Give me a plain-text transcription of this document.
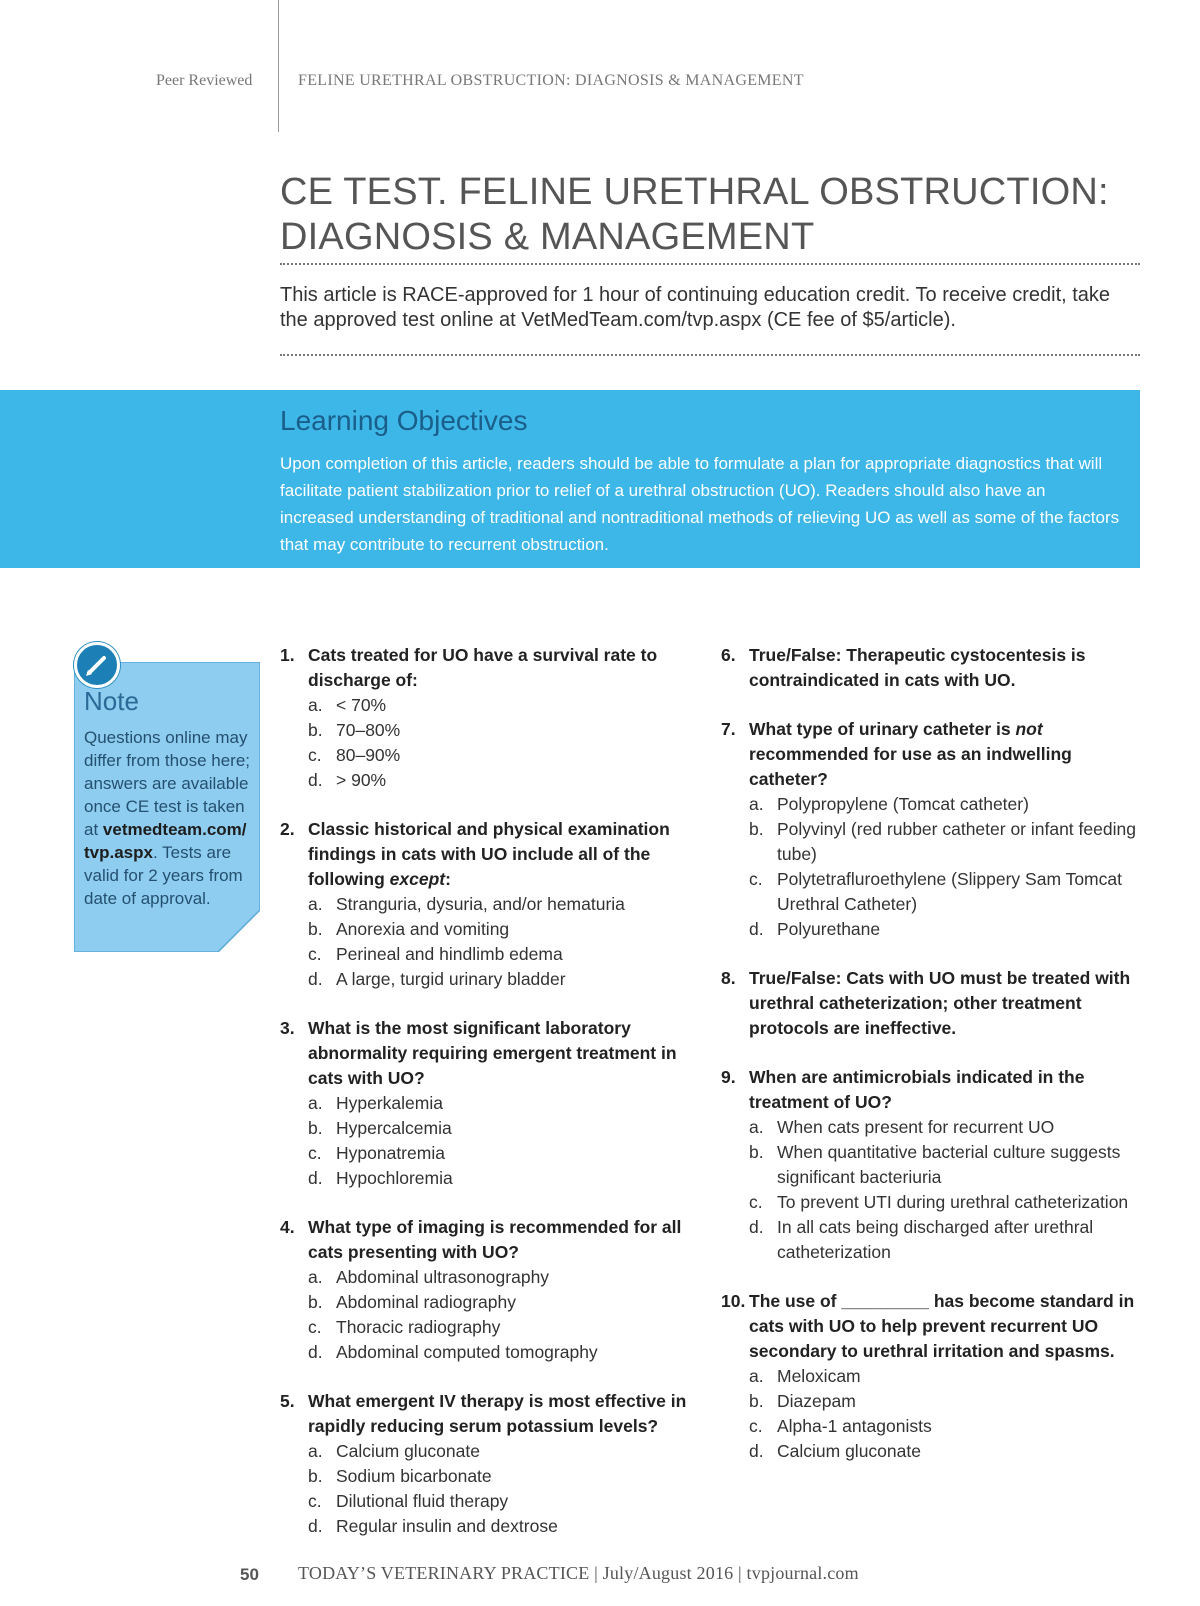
Peer Reviewed	FELINE URETHRAL OBSTRUCTION: DIAGNOSIS & MANAGEMENT
CE TEST. FELINE URETHRAL OBSTRUCTION:
DIAGNOSIS & MANAGEMENT
This article is RACE-approved for 1 hour of continuing education credit. To receive credit, take the approved test online at VetMedTeam.com/tvp.aspx (CE fee of $5/article).
Learning Objectives
Upon completion of this article, readers should be able to formulate a plan for appropriate diagnostics that will facilitate patient stabilization prior to relief of a urethral obstruction (UO). Readers should also have an increased understanding of traditional and nontraditional methods of relieving UO as well as some of the factors that may contribute to recurrent obstruction.
Note
Questions online may differ from those here; answers are available once CE test is taken at vetmedteam.com/ tvp.aspx. Tests are valid for 2 years from date of approval.
1. Cats treated for UO have a survival rate to discharge of:
a. < 70%
b. 70–80%
c. 80–90%
d. > 90%
2. Classic historical and physical examination findings in cats with UO include all of the following except:
a. Stranguria, dysuria, and/or hematuria
b. Anorexia and vomiting
c. Perineal and hindlimb edema
d. A large, turgid urinary bladder
3. What is the most significant laboratory abnormality requiring emergent treatment in cats with UO?
a. Hyperkalemia
b. Hypercalcemia
c. Hyponatremia
d. Hypochloremia
4. What type of imaging is recommended for all cats presenting with UO?
a. Abdominal ultrasonography
b. Abdominal radiography
c. Thoracic radiography
d. Abdominal computed tomography
5. What emergent IV therapy is most effective in rapidly reducing serum potassium levels?
a. Calcium gluconate
b. Sodium bicarbonate
c. Dilutional fluid therapy
d. Regular insulin and dextrose
6. True/False: Therapeutic cystocentesis is contraindicated in cats with UO.
7. What type of urinary catheter is not recommended for use as an indwelling catheter?
a. Polypropylene (Tomcat catheter)
b. Polyvinyl (red rubber catheter or infant feeding tube)
c. Polytetrafluroethylene (Slippery Sam Tomcat Urethral Catheter)
d. Polyurethane
8. True/False: Cats with UO must be treated with urethral catheterization; other treatment protocols are ineffective.
9. When are antimicrobials indicated in the treatment of UO?
a. When cats present for recurrent UO
b. When quantitative bacterial culture suggests significant bacteriuria
c. To prevent UTI during urethral catheterization
d. In all cats being discharged after urethral catheterization
10. The use of _________ has become standard in cats with UO to help prevent recurrent UO secondary to urethral irritation and spasms.
a. Meloxicam
b. Diazepam
c. Alpha-1 antagonists
d. Calcium gluconate
50 TODAY’S VETERINARY PRACTICE | July/August 2016 | tvpjournal.com
